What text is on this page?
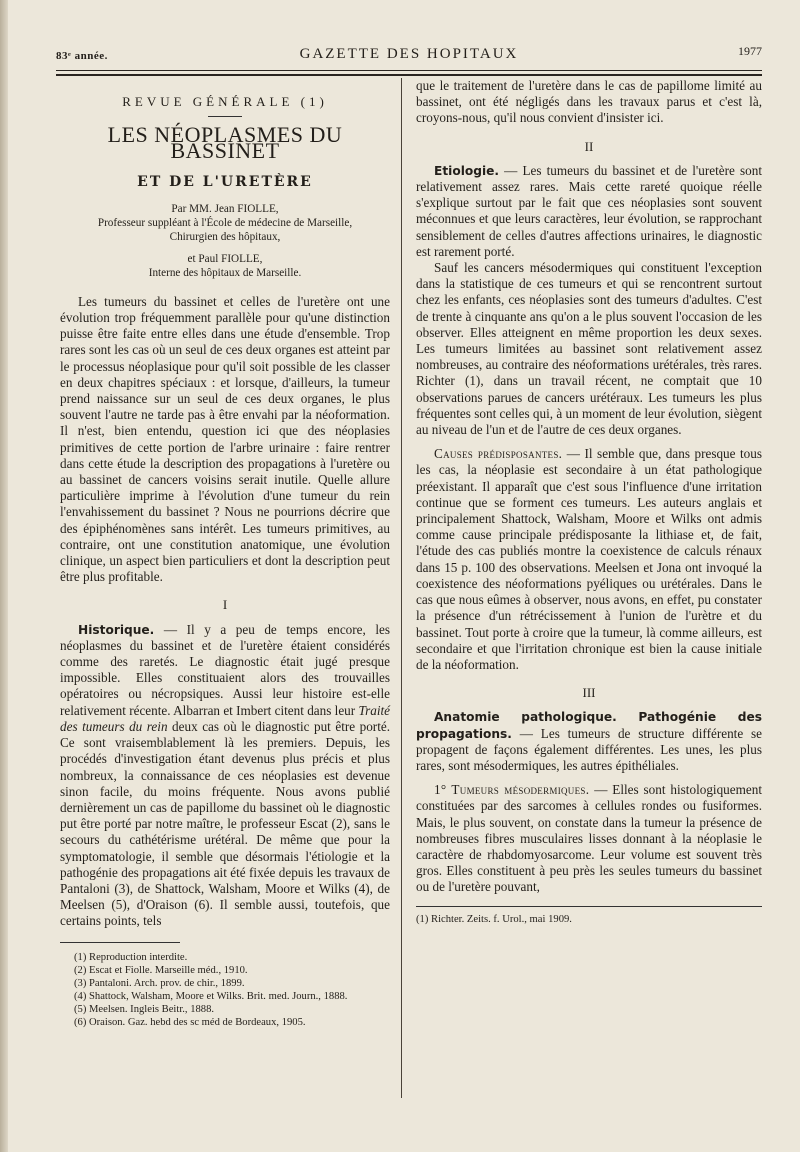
83ᵉ année.	GAZETTE DES HOPITAUX	1977
REVUE GÉNÉRALE (1)
LES NÉOPLASMES DU BASSINET
ET DE L'URETÈRE

Par MM. Jean FIOLLE,

Professeur suppléant à l'École de médecine de Marseille,

Chirurgien des hôpitaux,

et Paul FIOLLE,

Interne des hôpitaux de Marseille.

Les tumeurs du bassinet et celles de l'uretère ont une évolution trop fréquemment parallèle pour qu'une distinction puisse être faite entre elles dans une étude d'ensemble. Trop rares sont les cas où un seul de ces deux organes est atteint par le processus néoplasique pour qu'il soit possible de les classer en deux chapitres spéciaux : et lorsque, d'ailleurs, la tumeur prend naissance sur un seul de ces deux organes, le plus souvent l'autre ne tarde pas à être envahi par la néoformation. Il n'est, bien entendu, question ici que des néoplasies primitives de cette portion de l'arbre urinaire : faire rentrer dans cette étude la description des propagations à l'uretère ou au bassinet de cancers voisins serait inutile. Quelle allure particulière imprime à l'évolution d'une tumeur du rein l'envahissement du bassinet ? Nous ne pourrions décrire que des épiphénomènes sans intérêt. Les tumeurs primitives, au contraire, ont une constitution anatomique, une évolution clinique, un aspect bien particuliers et dont la description peut être plus profitable.

I

Historique. — Il y a peu de temps encore, les néoplasmes du bassinet et de l'uretère étaient considérés comme des raretés. Le diagnostic était jugé presque impossible. Elles constituaient alors des trouvailles opératoires ou nécropsiques. Aussi leur histoire est-elle relativement récente. Albarran et Imbert citent dans leur Traité des tumeurs du rein deux cas où le diagnostic put être porté. Ce sont vraisemblablement là les premiers. Depuis, les procédés d'investigation étant devenus plus précis et plus nombreux, la connaissance de ces néoplasies est devenue sinon facile, du moins fréquente. Nous avons publié dernièrement un cas de papillome du bassinet où le diagnostic put être porté par notre maître, le professeur Escat (2), sans le secours du cathétérisme urétéral. De même que pour la symptomatologie, il semble que désormais l'étiologie et la pathogénie des propagations ait été fixée depuis les travaux de Pantaloni (3), de Shattock, Walsham, Moore et Wilks (4), de Meelsen (5), d'Oraison (6). Il semble aussi, toutefois, que certains points, tels

(1) Reproduction interdite.
(2) Escat et Fiolle. Marseille méd., 1910.
(3) Pantaloni. Arch. prov. de chir., 1899.
(4) Shattock, Walsham, Moore et Wilks. Brit. med. Journ., 1888.
(5) Meelsen. Ingleis Beitr., 1888.
(6) Oraison. Gaz. hebd des sc méd de Bordeaux, 1905.

que le traitement de l'uretère dans le cas de papillome limité au bassinet, ont été négligés dans les travaux parus et c'est là, croyons-nous, qu'il nous convient d'insister ici.

II

Etiologie. — Les tumeurs du bassinet et de l'uretère sont relativement assez rares. Mais cette rareté quoique réelle s'explique surtout par le fait que ces néoplasies sont souvent méconnues et que leurs caractères, leur évolution, se rapprochant sensiblement de celles d'autres affections urinaires, le diagnostic est rarement porté.

Sauf les cancers mésodermiques qui constituent l'exception dans la statistique de ces tumeurs et qui se rencontrent surtout chez les enfants, ces néoplasies sont des tumeurs d'adultes. C'est de trente à cinquante ans qu'on a le plus souvent l'occasion de les observer. Elles atteignent en même proportion les deux sexes. Les tumeurs limitées au bassinet sont relativement assez nombreuses, au contraire des néoformations urétérales, très rares. Richter (1), dans un travail récent, ne comptait que 10 observations parues de cancers urétéraux. Les tumeurs les plus fréquentes sont celles qui, à un moment de leur évolution, siègent au niveau de l'un et de l'autre de ces deux organes.

Causes prédisposantes. — Il semble que, dans presque tous les cas, la néoplasie est secondaire à un état pathologique préexistant. Il apparaît que c'est sous l'influence d'une irritation continue que se forment ces tumeurs. Les auteurs anglais et principalement Shattock, Walsham, Moore et Wilks ont admis comme cause principale prédisposante la lithiase et, de fait, l'étude des cas publiés montre la coexistence de calculs rénaux dans 15 p. 100 des observations. Meelsen et Jona ont invoqué la coexistence des néoformations pyéliques ou urétérales. Dans le cas que nous eûmes à observer, nous avons, en effet, pu constater la présence d'un rétrécissement à l'union de l'urètre et du bassinet. Tout porte à croire que la tumeur, là comme ailleurs, est secondaire et que l'irritation chronique est bien la cause initiale de la néoformation.

III

Anatomie pathologique. Pathogénie des propagations. — Les tumeurs de structure différente se propagent de façons également différentes. Les unes, les plus rares, sont mésodermiques, les autres épithéliales.

1° Tumeurs mésodermiques. — Elles sont histologiquement constituées par des sarcomes à cellules rondes ou fusiformes. Mais, le plus souvent, on constate dans la tumeur la présence de nombreuses fibres musculaires lisses donnant à la néoplasie le caractère de rhabdomyosarcome. Leur volume est souvent très gros. Elles constituent à peu près les seules tumeurs du bassinet ou de l'uretère pouvant,

(1) Richter. Zeits. f. Urol., mai 1909.
